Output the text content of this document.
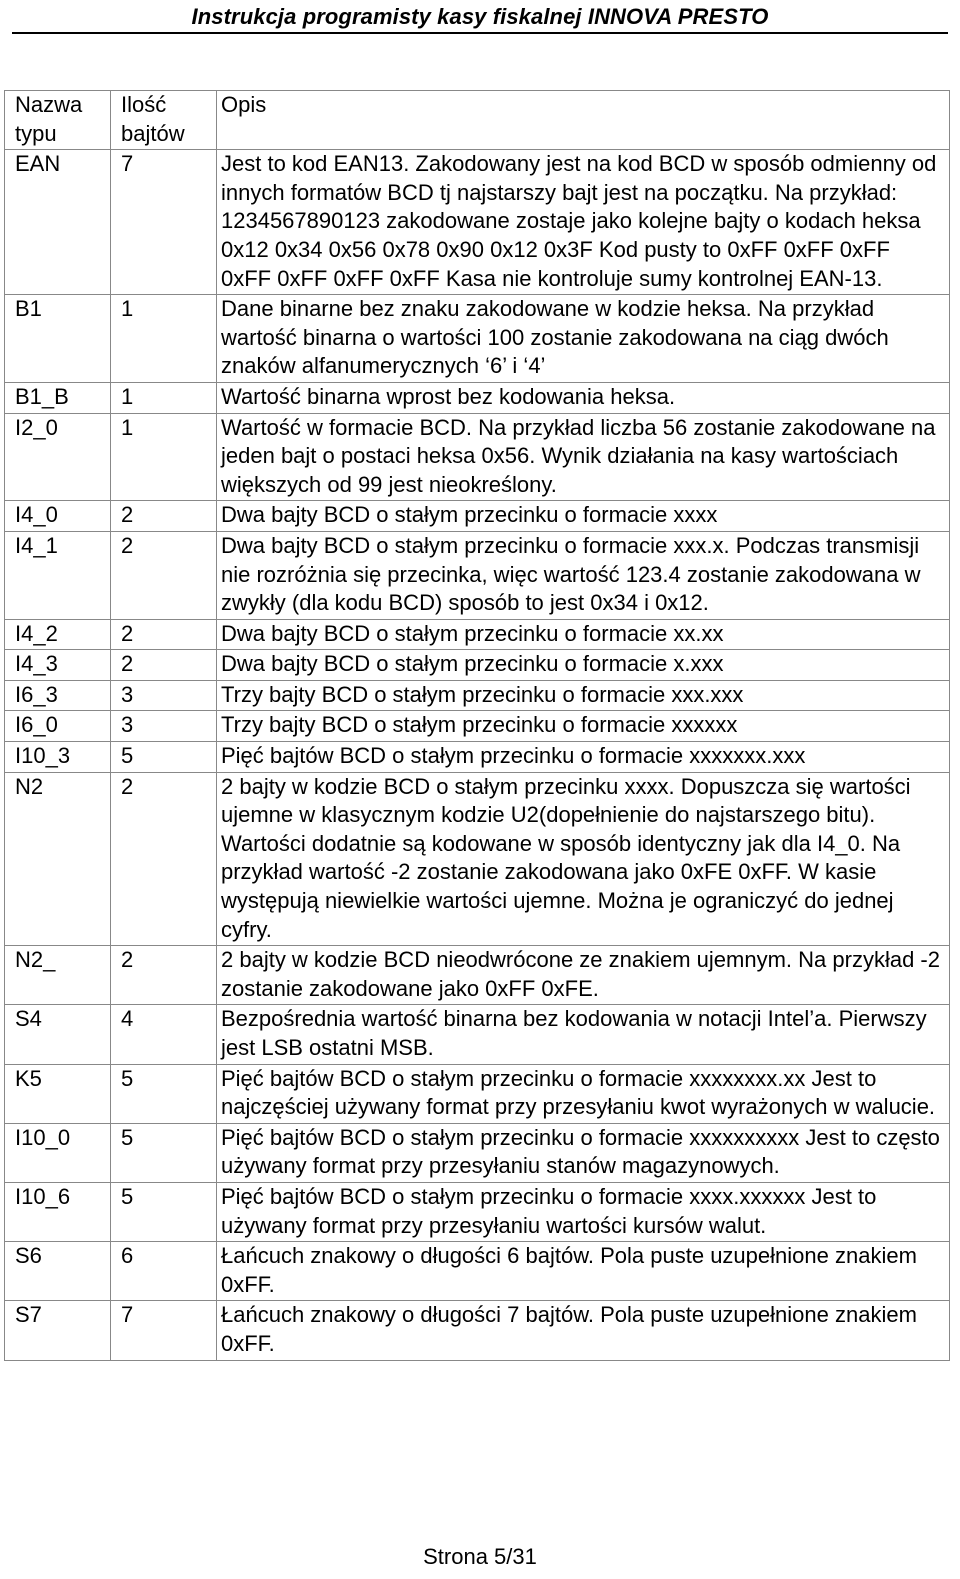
Instrukcja programisty kasy fiskalnej INNOVA PRESTO
Nazwa typu	Ilość bajtów	Opis
EAN	7	Jest to kod EAN13. Zakodowany jest na kod BCD w sposób odmienny od innych formatów BCD tj najstarszy bajt jest na początku. Na przykład: 1234567890123 zakodowane zostaje jako kolejne bajty o kodach heksa 0x12 0x34 0x56 0x78 0x90 0x12 0x3F Kod pusty to 0xFF 0xFF 0xFF 0xFF 0xFF 0xFF 0xFF Kasa nie kontroluje sumy kontrolnej EAN-13.
B1	1	Dane binarne bez znaku zakodowane w kodzie heksa. Na przykład wartość binarna o wartości 100 zostanie zakodowana na ciąg dwóch znaków alfanumerycznych ‘6’ i ‘4’
B1_B	1	Wartość binarna wprost bez kodowania heksa.
I2_0	1	Wartość w formacie BCD. Na przykład liczba 56 zostanie zakodowane na jeden bajt o postaci heksa 0x56. Wynik działania na kasy wartościach większych od 99 jest nieokreślony.
I4_0	2	Dwa bajty BCD o stałym przecinku o formacie xxxx
I4_1	2	Dwa bajty BCD o stałym przecinku o formacie xxx.x. Podczas transmisji nie rozróżnia się przecinka, więc wartość 123.4 zostanie zakodowana w zwykły (dla kodu BCD) sposób to jest 0x34 i 0x12.
I4_2	2	Dwa bajty BCD o stałym przecinku o formacie xx.xx
I4_3	2	Dwa bajty BCD o stałym przecinku o formacie x.xxx
I6_3	3	Trzy bajty BCD o stałym przecinku o formacie xxx.xxx
I6_0	3	Trzy bajty BCD o stałym przecinku o formacie xxxxxx
I10_3	5	Pięć bajtów BCD o stałym przecinku o formacie xxxxxxx.xxx
N2	2	2 bajty w kodzie BCD o stałym przecinku xxxx. Dopuszcza się wartości ujemne w klasycznym kodzie U2(dopełnienie do najstarszego bitu). Wartości dodatnie są kodowane w sposób identyczny jak dla I4_0. Na przykład wartość -2 zostanie zakodowana jako 0xFE 0xFF. W kasie występują niewielkie wartości ujemne. Można je ograniczyć do jednej cyfry.
N2_	2	2 bajty w kodzie BCD nieodwrócone ze znakiem ujemnym. Na przykład -2 zostanie zakodowane jako 0xFF 0xFE.
S4	4	Bezpośrednia wartość binarna bez kodowania w notacji Intel’a. Pierwszy jest LSB ostatni MSB.
K5	5	Pięć bajtów BCD o stałym przecinku o formacie xxxxxxxx.xx Jest to najczęściej używany format przy przesyłaniu kwot wyrażonych w walucie.
I10_0	5	Pięć bajtów BCD o stałym przecinku o formacie xxxxxxxxxx Jest to często używany format przy przesyłaniu stanów magazynowych.
I10_6	5	Pięć bajtów BCD o stałym przecinku o formacie xxxx.xxxxxx Jest to używany format przy przesyłaniu wartości kursów walut.
S6	6	Łańcuch znakowy o długości 6 bajtów. Pola puste uzupełnione znakiem 0xFF.
S7	7	Łańcuch znakowy o długości 7 bajtów. Pola puste uzupełnione znakiem 0xFF.
Strona 5/31
